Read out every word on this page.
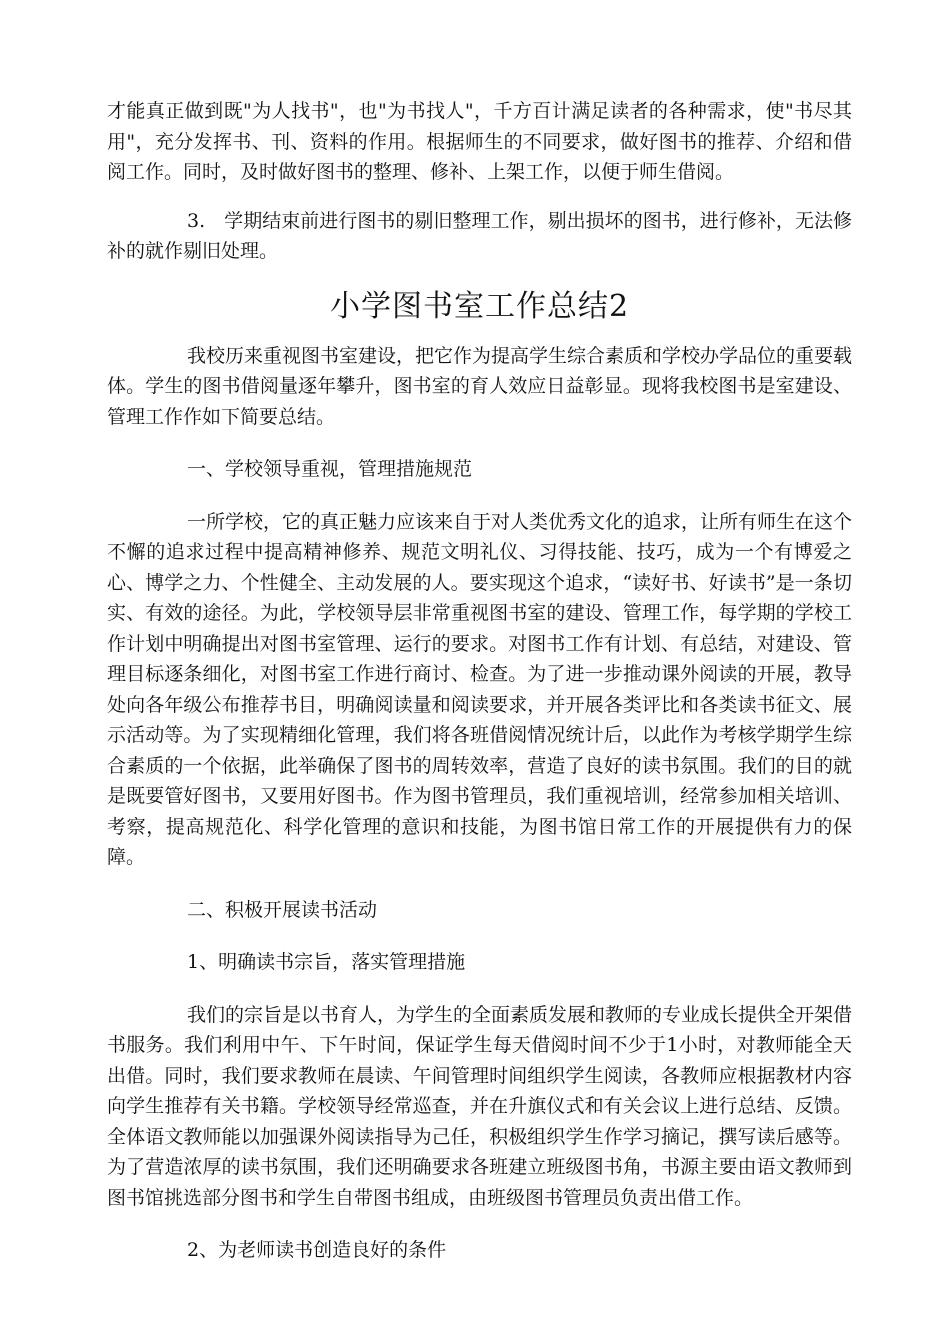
才能真正做到既"为人找书"，也"为书找人"，千方百计满足读者的各种需求，使"书尽其用"，充分发挥书、刊、资料的作用。根据师生的不同要求，做好图书的推荐、介绍和借阅工作。同时，及时做好图书的整理、修补、上架工作，以便于师生借阅。

3.　学期结束前进行图书的剔旧整理工作，剔出损坏的图书，进行修补，无法修补的就作剔旧处理。

小学图书室工作总结2

我校历来重视图书室建设，把它作为提高学生综合素质和学校办学品位的重要载体。学生的图书借阅量逐年攀升，图书室的育人效应日益彰显。现将我校图书是室建设、管理工作作如下简要总结。

一、学校领导重视，管理措施规范

一所学校，它的真正魅力应该来自于对人类优秀文化的追求，让所有师生在这个不懈的追求过程中提高精神修养、规范文明礼仪、习得技能、技巧，成为一个有博爱之心、博学之力、个性健全、主动发展的人。要实现这个追求，“读好书、好读书”是一条切实、有效的途径。为此，学校领导层非常重视图书室的建设、管理工作，每学期的学校工作计划中明确提出对图书室管理、运行的要求。对图书工作有计划、有总结，对建设、管理目标逐条细化，对图书室工作进行商讨、检查。为了进一步推动课外阅读的开展，教导处向各年级公布推荐书目，明确阅读量和阅读要求，并开展各类评比和各类读书征文、展示活动等。为了实现精细化管理，我们将各班借阅情况统计后，以此作为考核学期学生综合素质的一个依据，此举确保了图书的周转效率，营造了良好的读书氛围。我们的目的就是既要管好图书，又要用好图书。作为图书管理员，我们重视培训，经常参加相关培训、考察，提高规范化、科学化管理的意识和技能，为图书馆日常工作的开展提供有力的保障。

二、积极开展读书活动

1、明确读书宗旨，落实管理措施

我们的宗旨是以书育人，为学生的全面素质发展和教师的专业成长提供全开架借书服务。我们利用中午、下午时间，保证学生每天借阅时间不少于1小时，对教师能全天出借。同时，我们要求教师在晨读、午间管理时间组织学生阅读，各教师应根据教材内容向学生推荐有关书籍。学校领导经常巡查，并在升旗仪式和有关会议上进行总结、反馈。全体语文教师能以加强课外阅读指导为己任，积极组织学生作学习摘记，撰写读后感等。为了营造浓厚的读书氛围，我们还明确要求各班建立班级图书角，书源主要由语文教师到图书馆挑选部分图书和学生自带图书组成，由班级图书管理员负责出借工作。

2、为老师读书创造良好的条件
